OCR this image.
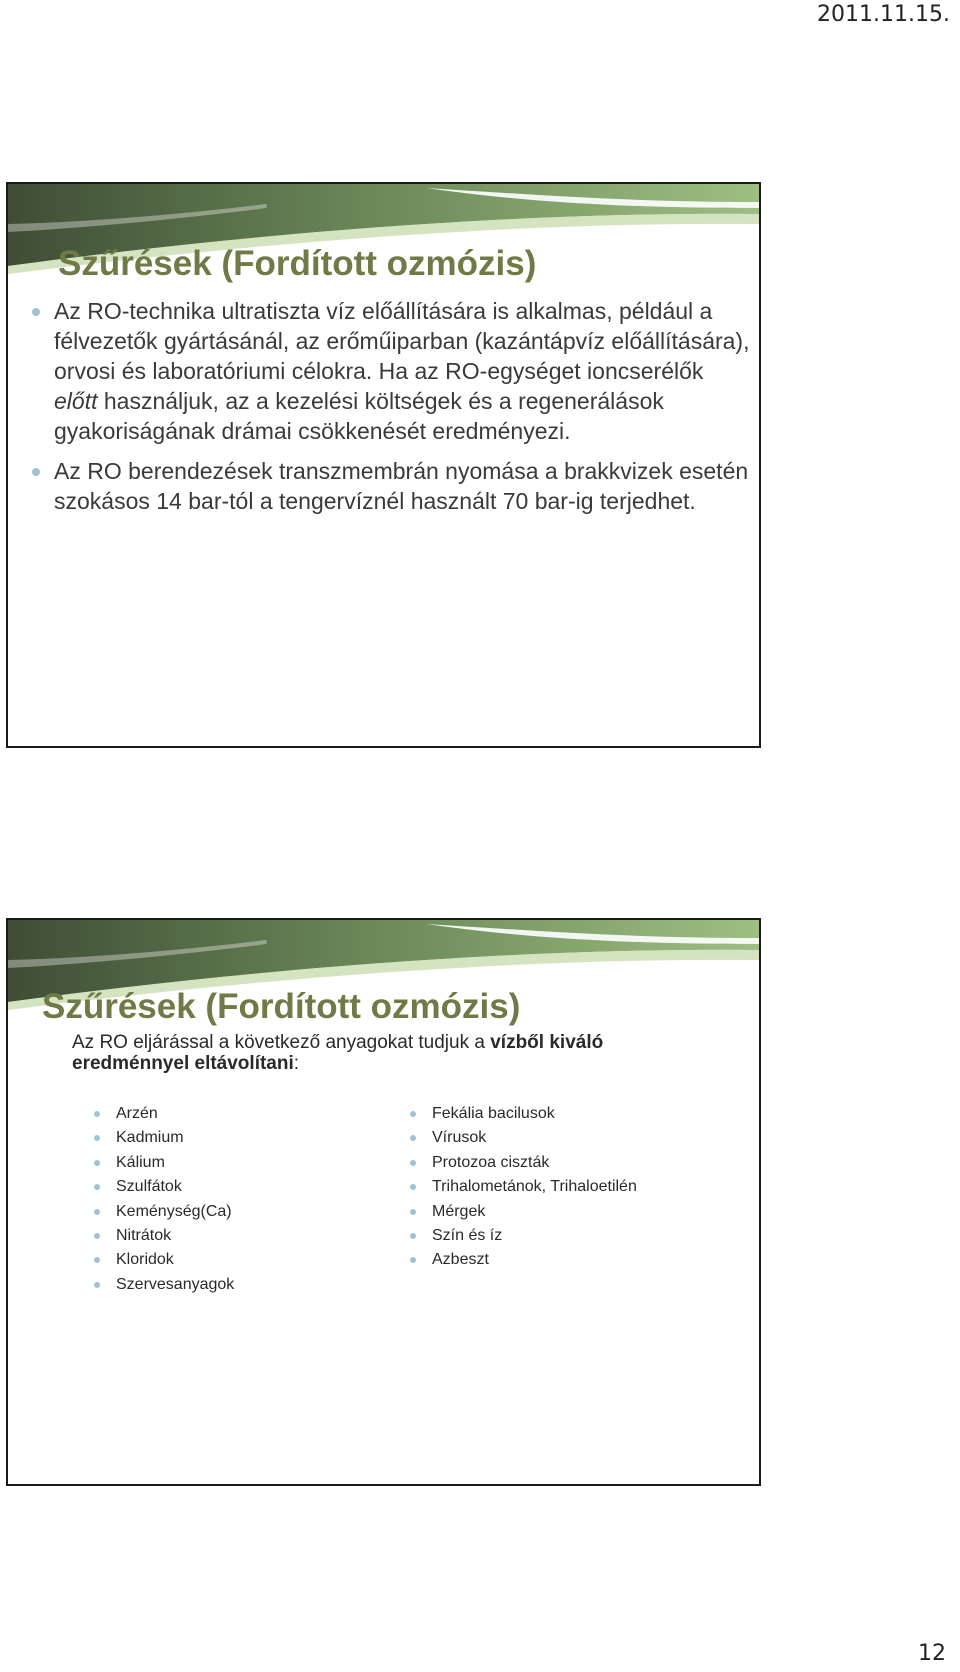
2011.11.15.
Szűrések (Fordított ozmózis)
Az RO-technika ultratiszta víz előállítására is alkalmas, például a félvezetők gyártásánál, az erőműiparban (kazántápvíz előállítására), orvosi és laboratóriumi célokra. Ha az RO-egységet ioncserélők előtt használjuk, az a kezelési költségek és a regenerálások gyakoriságának drámai csökkenését eredményezi.
Az RO berendezések transzmembrán nyomása a brakkvizek esetén szokásos 14 bar-tól a tengervíznél használt 70 bar-ig terjedhet.
Szűrések (Fordított ozmózis)

Az RO eljárással a következő anyagokat tudjuk a vízből kiváló eredménnyel eltávolítani:

Arzén
Kadmium
Kálium
Szulfátok
Keménység(Ca)
Nitrátok
Kloridok
Szervesanyagok
Fekália bacilusok
Vírusok
Protozoa ciszták
Trihalometánok, Trihaloetilén
Mérgek
Szín és íz
Azbeszt
12
